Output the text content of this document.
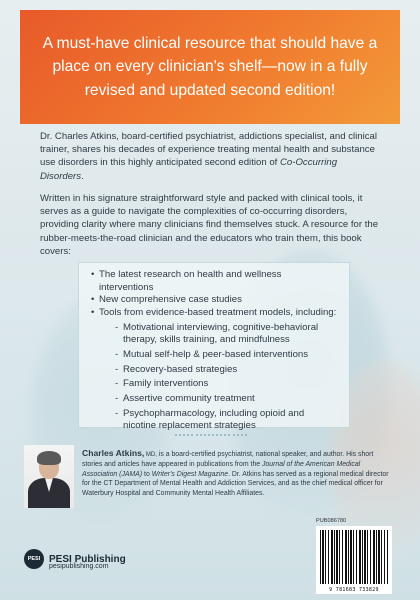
A must-have clinical resource that should have a place on every clinician's shelf—now in a fully revised and updated second edition!
Dr. Charles Atkins, board-certified psychiatrist, addictions specialist, and clinical trainer, shares his decades of experience treating mental health and substance use disorders in this highly anticipated second edition of Co-Occurring Disorders.
Written in his signature straightforward style and packed with clinical tools, it serves as a guide to navigate the complexities of co-occurring disorders, providing clarity where many clinicians find themselves stuck. A resource for the rubber-meets-the-road clinician and the educators who train them, this book covers:
• The latest research on health and wellness interventions
• New comprehensive case studies
• Tools from evidence-based treatment models, including:
- Motivational interviewing, cognitive-behavioral therapy, skills training, and mindfulness
- Mutual self-help & peer-based interventions
- Recovery-based strategies
- Family interventions
- Assertive community treatment
- Psychopharmacology, including opioid and nicotine replacement strategies
Charles Atkins, MD, is a board-certified psychiatrist, national speaker, and author. His short stories and articles have appeared in publications from the Journal of the American Medical Association (JAMA) to Writer's Digest Magazine. Dr. Atkins has served as a regional medical director for the CT Department of Mental Health and Addiction Services, and as the chief medical officer for Waterbury Hospital and Community Mental Health Affiliates.
PUB086780
9 781683 733829
PESI PESI Publishing
pesipublishing.com
